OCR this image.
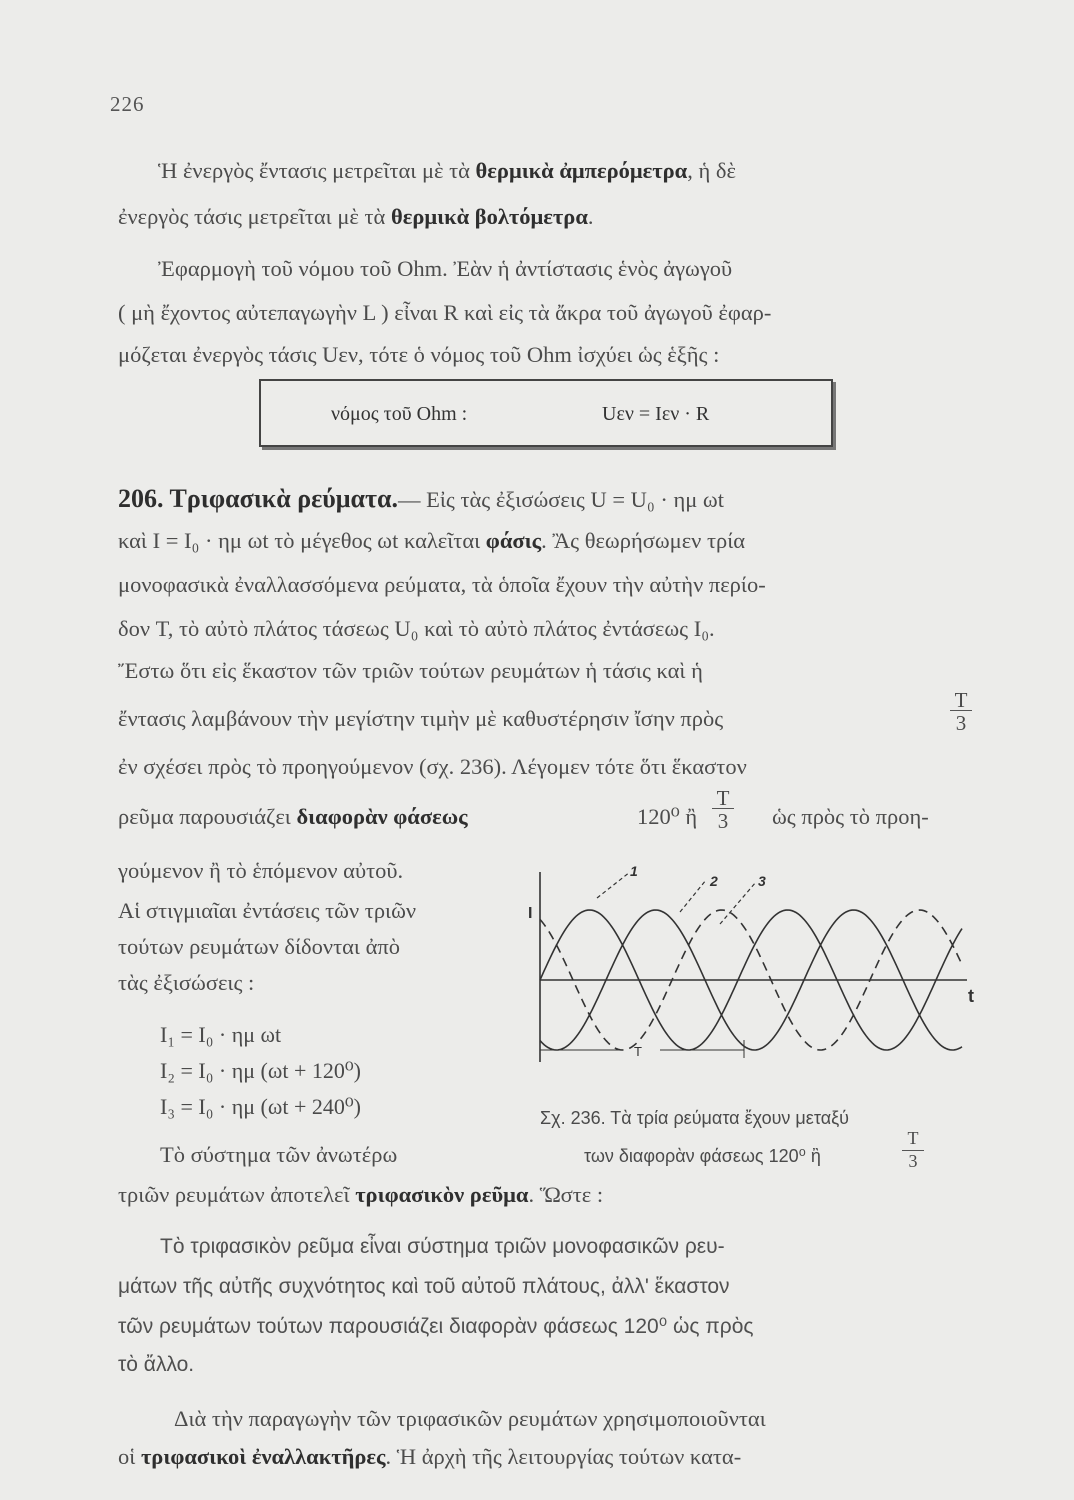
226
Ἡ ἐνεργὸς ἔντασις μετρεῖται μὲ τὰ θερμικὰ ἀμπερόμετρα, ἡ δὲ
ἐνεργὸς τάσις μετρεῖται μὲ τὰ θερμικὰ βολτόμετρα.
Ἐφαρμογὴ τοῦ νόμου τοῦ Ohm. Ἐὰν ἡ ἀντίστασις ἑνὸς ἀγωγοῦ
( μὴ ἔχοντος αὐτεπαγωγὴν L ) εἶναι R καὶ εἰς τὰ ἄκρα τοῦ ἀγωγοῦ ἐφαρ-
μόζεται ἐνεργὸς τάσις Uεν, τότε ὁ νόμος τοῦ Ohm ἰσχύει ὡς ἑξῆς :
νόμος τοῦ Ohm :	Uεν = Iεν · R
206. Τριφασικὰ ρεύματα.— Εἰς τὰς ἐξισώσεις U = U₀ · ημ ωt
καὶ I = I₀ · ημ ωt τὸ μέγεθος ωt καλεῖται φάσις. Ἂς θεωρήσωμεν τρία
μονοφασικὰ ἐναλλασσόμενα ρεύματα, τὰ ὁποῖα ἔχουν τὴν αὐτὴν περίο-
δον T, τὸ αὐτὸ πλάτος τάσεως U₀ καὶ τὸ αὐτὸ πλάτος ἐντάσεως I₀.
Ἔστω ὅτι εἰς ἕκαστον τῶν τριῶν τούτων ρευμάτων ἡ τάσις καὶ ἡ
ἔντασις λαμβάνουν τὴν μεγίστην τιμὴν μὲ καθυστέρησιν ἴσην πρὸς	$\frac{T}{3}$
ἐν σχέσει πρὸς τὸ προηγούμενον (σχ. 236). Λέγομεν τότε ὅτι ἕκαστον
ρεῦμα παρουσιάζει διαφορὰν φάσεως	120⁰ ἢ $\frac{T}{3}$ ὡς πρὸς τὸ προη-
γούμενον ἢ τὸ ἑπόμενον αὐτοῦ.
Αἱ στιγμιαῖαι ἐντάσεις τῶν τριῶν
τούτων ρευμάτων δίδονται ἀπὸ
τὰς ἐξισώσεις :
I₁ = I₀ · ημ ωt
I₂ = I₀ · ημ (ωt + 120⁰)
I₃ = I₀ · ημ (ωt + 240⁰)
Τὸ σύστημα τῶν ἀνωτέρω
τριῶν ρευμάτων ἀποτελεῖ τριφασικὸν ρεῦμα. Ὥστε :
I
t
1
2	3
T
Σχ. 236. Τὰ τρία ρεύματα ἔχουν μεταξύ
των διαφορὰν φάσεως 120⁰ ἢ	$\frac{T}{3}$
Τὸ τριφασικὸν ρεῦμα εἶναι σύστημα τριῶν μονοφασικῶν ρευ-
μάτων τῆς αὐτῆς συχνότητος καὶ τοῦ αὐτοῦ πλάτους, ἀλλ' ἕκαστον
τῶν ρευμάτων τούτων παρουσιάζει διαφορὰν φάσεως 120⁰ ὡς πρὸς
τὸ ἄλλο.
Διὰ τὴν παραγωγὴν τῶν τριφασικῶν ρευμάτων χρησιμοποιοῦνται
οἱ τριφασικοὶ ἐναλλακτῆρες. Ἡ ἀρχὴ τῆς λειτουργίας τούτων κατα-
